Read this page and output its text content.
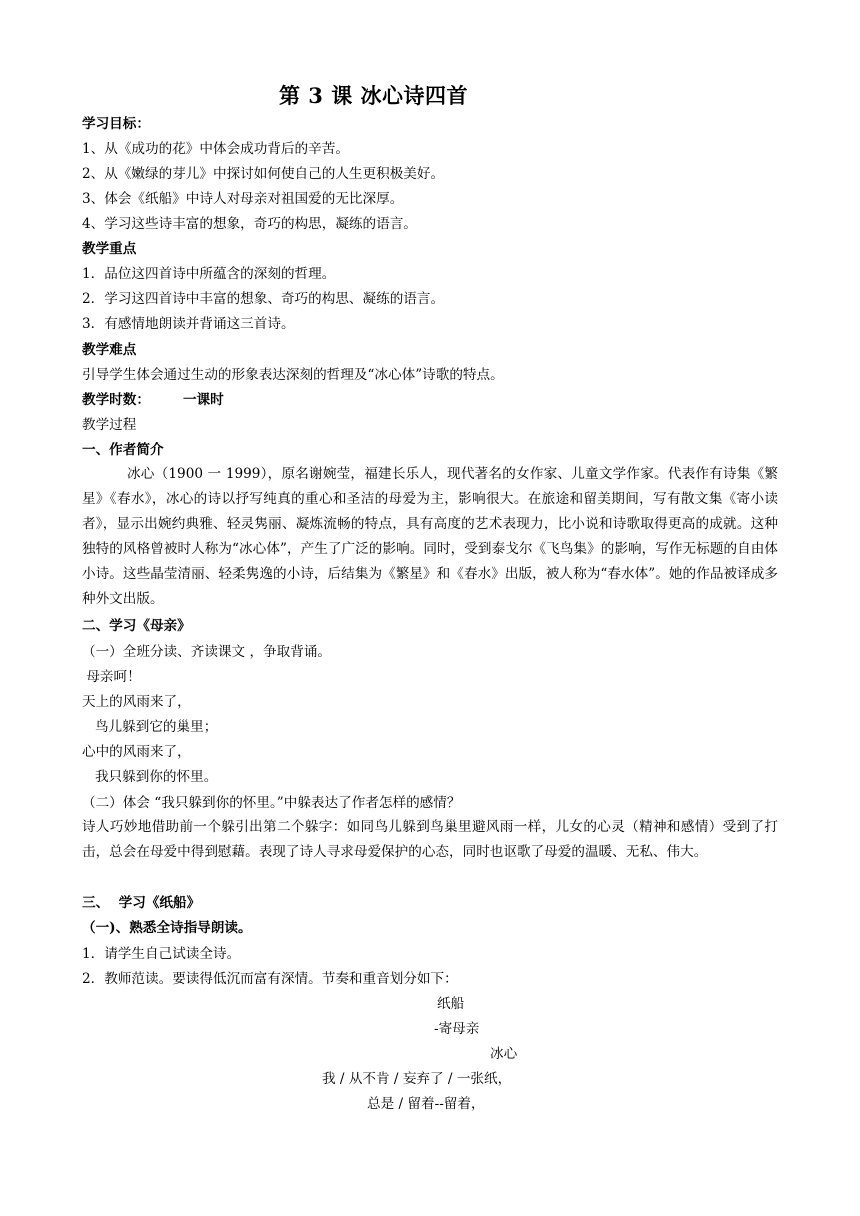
第 3 课 冰心诗四首
学习目标：
1、从《成功的花》中体会成功背后的辛苦。
2、从《嫩绿的芽儿》中探讨如何使自己的人生更积极美好。
3、体会《纸船》中诗人对母亲对祖国爱的无比深厚。
4、学习这些诗丰富的想象，奇巧的构思，凝练的语言。
教学重点
1．品位这四首诗中所蕴含的深刻的哲理。
2．学习这四首诗中丰富的想象、奇巧的构思、凝练的语言。
3．有感情地朗读并背诵这三首诗。
教学难点
引导学生体会通过生动的形象表达深刻的哲理及“冰心体”诗歌的特点。
教学时数： 一课时
教学过程
一、作者简介
冰心（1900 一 1999），原名谢婉莹，福建长乐人，现代著名的女作家、儿童文学作家。代表作有诗集《繁星》《春水》，冰心的诗以抒写纯真的重心和圣洁的母爱为主，影响很大。在旅途和留美期间，写有散文集《寄小读者》，显示出婉约典雅、轻灵隽丽、凝炼流畅的特点，具有高度的艺术表现力，比小说和诗歌取得更高的成就。这种独特的风格曾被时人称为“冰心体”，产生了广泛的影响。同时，受到泰戈尔《飞鸟集》的影响，写作无标题的自由体小诗。这些晶莹清丽、轻柔隽逸的小诗，后结集为《繁星》和《春水》出版，被人称为“春水体”。她的作品被译成多种外文出版。
二、学习《母亲》
（一）全班分读、齐读课文 ，争取背诵。
母亲呵！
天上的风雨来了，
鸟儿躲到它的巢里；
心中的风雨来了，
我只躲到你的怀里。
（二）体会 “我只躲到你的怀里。”中躲表达了作者怎样的感情？
诗人巧妙地借助前一个躲引出第二个躲字：如同鸟儿躲到鸟巢里避风雨一样，儿女的心灵（精神和感情）受到了打击，总会在母爱中得到慰藉。表现了诗人寻求母爱保护的心态，同时也讴歌了母爱的温暖、无私、伟大。
三、  学习《纸船》
（一)、熟悉全诗指导朗读。
1．请学生自己试读全诗。
2．教师范读。要读得低沉而富有深情。节奏和重音划分如下：
纸船
-寄母亲
冰心
我 / 从不肯 / 妄弃了 / 一张纸，
总是 / 留着--留着，
